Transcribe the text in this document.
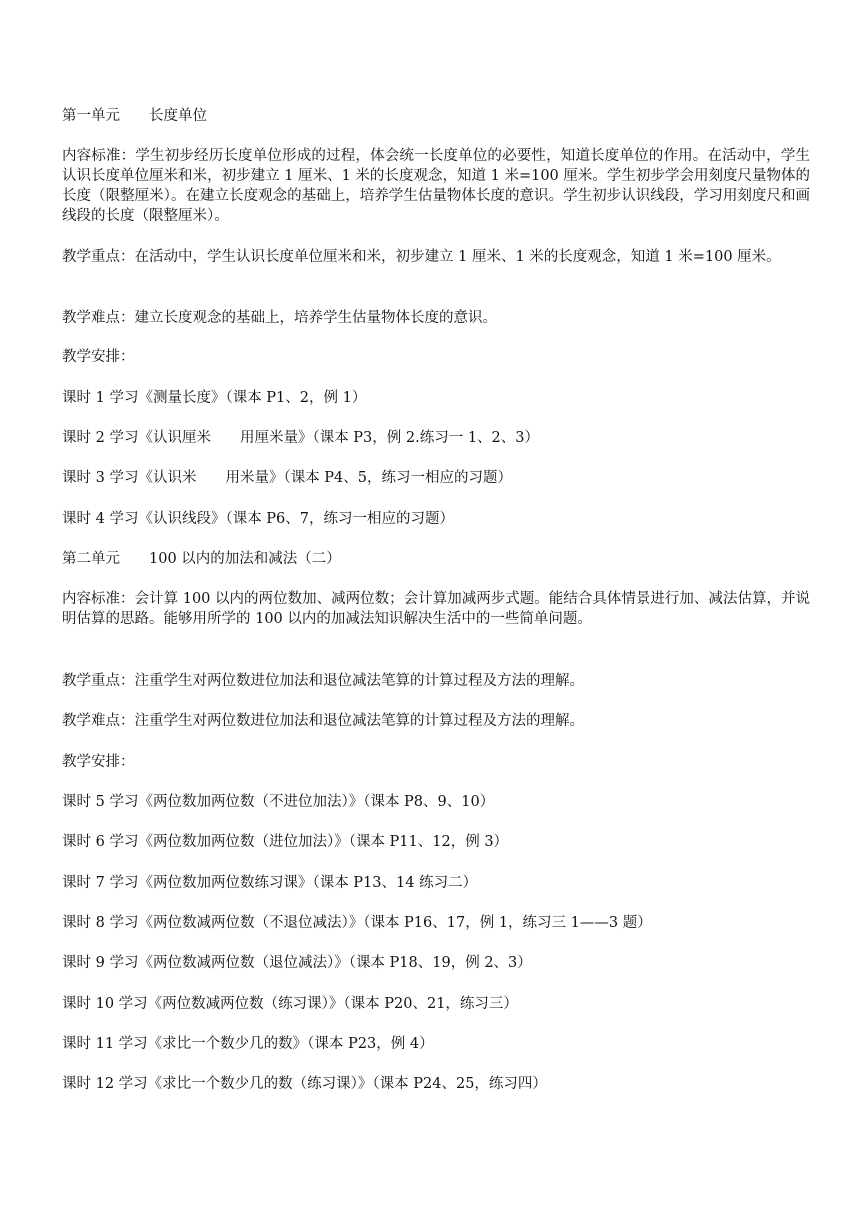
第一单元　　长度单位
内容标准：学生初步经历长度单位形成的过程，体会统一长度单位的必要性，知道长度单位的作用。在活动中，学生认识长度单位厘米和米，初步建立 1 厘米、1 米的长度观念，知道 1 米=100 厘米。学生初步学会用刻度尺量物体的长度（限整厘米）。在建立长度观念的基础上，培养学生估量物体长度的意识。学生初步认识线段，学习用刻度尺和画线段的长度（限整厘米）。
教学重点：在活动中，学生认识长度单位厘米和米，初步建立 1 厘米、1 米的长度观念，知道 1 米=100 厘米。
教学难点：建立长度观念的基础上，培养学生估量物体长度的意识。
教学安排：
课时 1 学习《测量长度》（课本 P1、2，例 1）
课时 2 学习《认识厘米　　用厘米量》（课本 P3，例 2.练习一 1、2、3）
课时 3 学习《认识米　　用米量》（课本 P4、5，练习一相应的习题）
课时 4 学习《认识线段》（课本 P6、7，练习一相应的习题）
第二单元　　100 以内的加法和减法（二）
内容标准：会计算 100 以内的两位数加、减两位数；会计算加减两步式题。能结合具体情景进行加、减法估算，并说明估算的思路。能够用所学的 100 以内的加减法知识解决生活中的一些简单问题。
教学重点：注重学生对两位数进位加法和退位减法笔算的计算过程及方法的理解。
教学难点：注重学生对两位数进位加法和退位减法笔算的计算过程及方法的理解。
教学安排：
课时 5 学习《两位数加两位数（不进位加法）》（课本 P8、9、10）
课时 6 学习《两位数加两位数（进位加法）》（课本 P11、12，例 3）
课时 7 学习《两位数加两位数练习课》（课本 P13、14 练习二）
课时 8 学习《两位数减两位数（不退位减法）》（课本 P16、17，例 1，练习三 1——3 题）
课时 9 学习《两位数减两位数（退位减法）》（课本 P18、19，例 2、3）
课时 10 学习《两位数减两位数（练习课）》（课本 P20、21，练习三）
课时 11 学习《求比一个数少几的数》（课本 P23，例 4）
课时 12 学习《求比一个数少几的数（练习课）》（课本 P24、25，练习四）
